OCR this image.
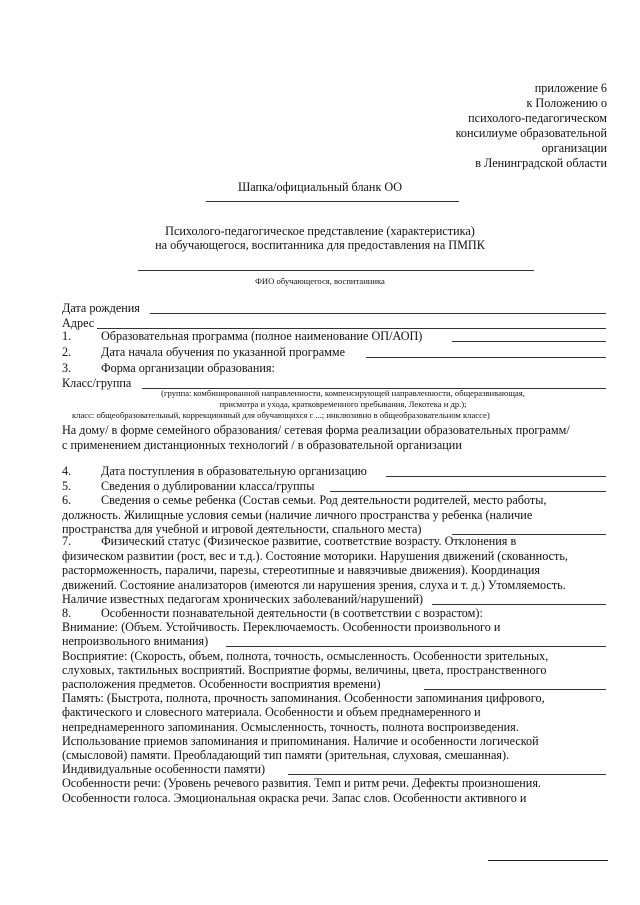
приложение 6
к Положению о
психолого-педагогическом
консилиуме образовательной
организации
в Ленинградской области
Шапка/официальный бланк ОО
Психолого-педагогическое представление (характеристика)
на обучающегося, воспитанника для предоставления на ПМПК
ФИО обучающегося, воспитанника
Дата рождения
Адрес
1. Образовательная программа (полное наименование ОП/АОП)
2. Дата начала обучения по указанной программе
3. Форма организации образования:
Класс/группа
(группа: комбинированной направленности, компенсирующей направленности, общеразвивающая,
присмотра и ухода, кратковременного пребывания, Лекотека и др.);
класс: общеобразовательный, коррекционный для обучающихся с ...; инклюзивно в общеобразовательном классе)
На дому/ в форме семейного образования/ сетевая форма реализации образовательных программ/
с применением дистанционных технологий / в образовательной организации
4. Дата поступления в образовательную организацию
5. Сведения о дублировании класса/группы
6. Сведения о семье ребенка (Состав семьи. Род деятельности родителей, место работы,
должность. Жилищные условия семьи (наличие личного пространства у ребенка (наличие
пространства для учебной и игровой деятельности, спального места)
7. Физический статус (Физическое развитие, соответствие возрасту. Отклонения в
физическом развитии (рост, вес и т.д.). Состояние моторики. Нарушения движений (скованность,
расторможенность, параличи, парезы, стереотипные и навязчивые движения). Координация
движений. Состояние анализаторов (имеются ли нарушения зрения, слуха и т. д.) Утомляемость.
Наличие известных педагогам хронических заболеваний/нарушений)
8. Особенности познавательной деятельности (в соответствии с возрастом):
Внимание: (Объем. Устойчивость. Переключаемость. Особенности произвольного и
непроизвольного внимания)
Восприятие: (Скорость, объем, полнота, точность, осмысленность. Особенности зрительных,
слуховых, тактильных восприятий. Восприятие формы, величины, цвета, пространственного
расположения предметов. Особенности восприятия времени)
Память: (Быстрота, полнота, прочность запоминания. Особенности запоминания цифрового,
фактического и словесного материала. Особенности и объем преднамеренного и
непреднамеренного запоминания. Осмысленность, точность, полнота воспроизведения.
Использование приемов запоминания и припоминания. Наличие и особенности логической
(смысловой) памяти. Преобладающий тип памяти (зрительная, слуховая, смешанная).
Индивидуальные особенности памяти)
Особенности речи: (Уровень речевого развития. Темп и ритм речи. Дефекты произношения.
Особенности голоса. Эмоциональная окраска речи. Запас слов. Особенности активного и
